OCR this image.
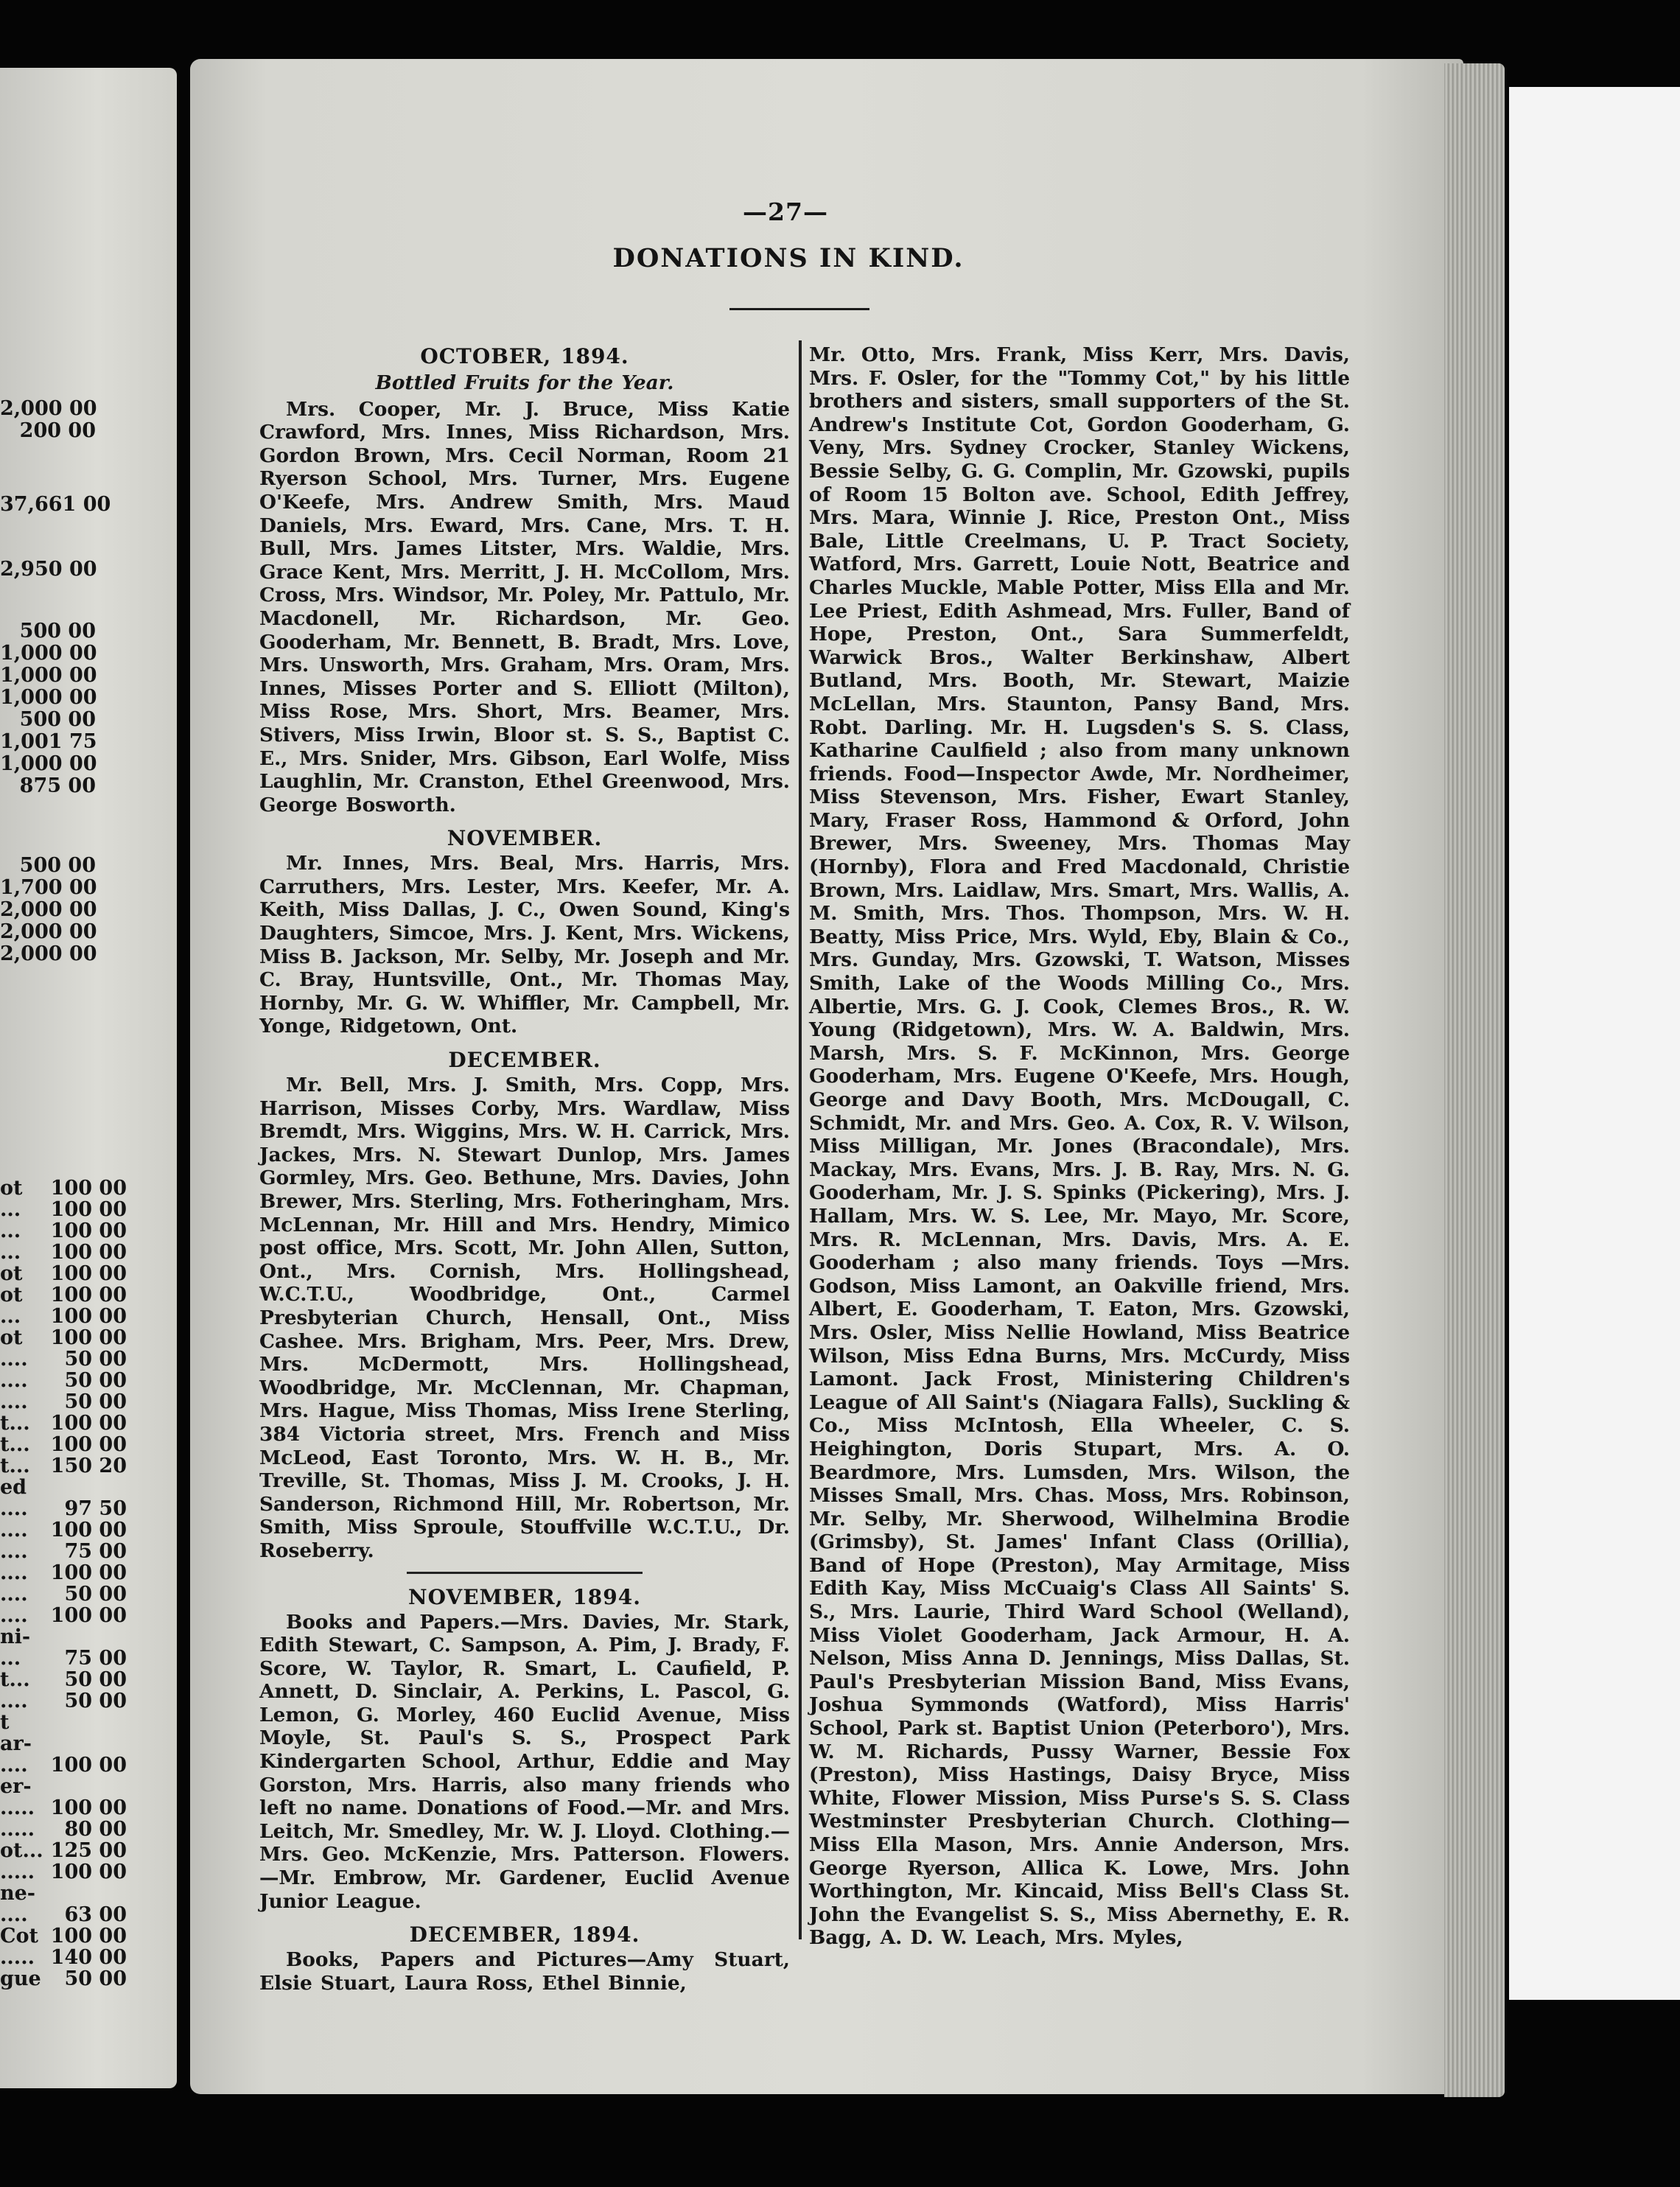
2,000 00
200 00
37,661 00
2,950 00
500 00
1,000 00
1,000 00
1,000 00
500 00
1,001 75
1,000 00
875 00
500 00
1,700 00
2,000 00
2,000 00
2,000 00
ot	100 00
...	100 00
...	100 00
...	100 00
ot	100 00
ot	100 00
...	100 00
ot	100 00
....	50 00
....	50 00
....	50 00
t...	100 00
t...	100 00
t...	150 20
ed
....	97 50
....	100 00
....	75 00
....	100 00
....	50 00
....	100 00
ni-
...	75 00
t...	50 00
....	50 00
t
ar-
....	100 00
er-
..... 100 00
.....	80 00
ot... 125 00
..... 100 00
ne-
....	63 00
Cot 100 00
..... 140 00
gue	50 00
—27—
DONATIONS IN KIND.
OCTOBER, 1894.
Bottled Fruits for the Year.

Mrs. Cooper, Mr. J. Bruce, Miss Katie Crawford, Mrs. Innes, Miss Richardson, Mrs. Gordon Brown, Mrs. Cecil Norman, Room 21 Ryerson School, Mrs. Turner, Mrs. Eugene O'Keefe, Mrs. Andrew Smith, Mrs. Maud Daniels, Mrs. Eward, Mrs. Cane, Mrs. T. H. Bull, Mrs. James Litster, Mrs. Waldie, Mrs. Grace Kent, Mrs. Merritt, J. H. McCollom, Mrs. Cross, Mrs. Windsor, Mr. Poley, Mr. Pattulo, Mr. Macdonell, Mr. Richardson, Mr. Geo. Gooderham, Mr. Bennett, B. Bradt, Mrs. Love, Mrs. Unsworth, Mrs. Graham, Mrs. Oram, Mrs. Innes, Misses Porter and S. Elliott (Milton), Miss Rose, Mrs. Short, Mrs. Beamer, Mrs. Stivers, Miss Irwin, Bloor st. S. S., Baptist C. E., Mrs. Snider, Mrs. Gibson, Earl Wolfe, Miss Laughlin, Mr. Cranston, Ethel Greenwood, Mrs. George Bosworth.

NOVEMBER.

Mr. Innes, Mrs. Beal, Mrs. Harris, Mrs. Carruthers, Mrs. Lester, Mrs. Keefer, Mr. A. Keith, Miss Dallas, J. C., Owen Sound, King's Daughters, Simcoe, Mrs. J. Kent, Mrs. Wickens, Miss B. Jackson, Mr. Selby, Mr. Joseph and Mr. C. Bray, Huntsville, Ont., Mr. Thomas May, Hornby, Mr. G. W. Whiffler, Mr. Campbell, Mr. Yonge, Ridgetown, Ont.

DECEMBER.

Mr. Bell, Mrs. J. Smith, Mrs. Copp, Mrs. Harrison, Misses Corby, Mrs. Wardlaw, Miss Bremdt, Mrs. Wiggins, Mrs. W. H. Carrick, Mrs. Jackes, Mrs. N. Stewart Dunlop, Mrs. James Gormley, Mrs. Geo. Bethune, Mrs. Davies, John Brewer, Mrs. Sterling, Mrs. Fotheringham, Mrs. McLennan, Mr. Hill and Mrs. Hendry, Mimico post office, Mrs. Scott, Mr. John Allen, Sutton, Ont., Mrs. Cornish, Mrs. Hollingshead, W.C.T.U., Woodbridge, Ont., Carmel Presbyterian Church, Hensall, Ont., Miss Cashee. Mrs. Brigham, Mrs. Peer, Mrs. Drew, Mrs. McDermott, Mrs. Hollingshead, Woodbridge, Mr. McClennan, Mr. Chapman, Mrs. Hague, Miss Thomas, Miss Irene Sterling, 384 Victoria street, Mrs. French and Miss McLeod, East Toronto, Mrs. W. H. B., Mr. Treville, St. Thomas, Miss J. M. Crooks, J. H. Sanderson, Richmond Hill, Mr. Robertson, Mr. Smith, Miss Sproule, Stouffville W.C.T.U., Dr. Roseberry.

NOVEMBER, 1894.

Books and Papers.—Mrs. Davies, Mr. Stark, Edith Stewart, C. Sampson, A. Pim, J. Brady, F. Score, W. Taylor, R. Smart, L. Caufield, P. Annett, D. Sinclair, A. Perkins, L. Pascol, G. Lemon, G. Morley, 460 Euclid Avenue, Miss Moyle, St. Paul's S. S., Prospect Park Kindergarten School, Arthur, Eddie and May Gorston, Mrs. Harris, also many friends who left no name. Donations of Food.—Mr. and Mrs. Leitch, Mr. Smedley, Mr. W. J. Lloyd. Clothing.—Mrs. Geo. McKenzie, Mrs. Patterson. Flowers. —Mr. Embrow, Mr. Gardener, Euclid Avenue Junior League.

DECEMBER, 1894.

Books, Papers and Pictures—Amy Stuart, Elsie Stuart, Laura Ross, Ethel Binnie,

Mr. Otto, Mrs. Frank, Miss Kerr, Mrs. Davis, Mrs. F. Osler, for the "Tommy Cot," by his little brothers and sisters, small supporters of the St. Andrew's Institute Cot, Gordon Gooderham, G. Veny, Mrs. Sydney Crocker, Stanley Wickens, Bessie Selby, G. G. Complin, Mr. Gzowski, pupils of Room 15 Bolton ave. School, Edith Jeffrey, Mrs. Mara, Winnie J. Rice, Preston Ont., Miss Bale, Little Creelmans, U. P. Tract Society, Watford, Mrs. Garrett, Louie Nott, Beatrice and Charles Muckle, Mable Potter, Miss Ella and Mr. Lee Priest, Edith Ashmead, Mrs. Fuller, Band of Hope, Preston, Ont., Sara Summerfeldt, Warwick Bros., Walter Berkinshaw, Albert Butland, Mrs. Booth, Mr. Stewart, Maizie McLellan, Mrs. Staunton, Pansy Band, Mrs. Robt. Darling. Mr. H. Lugsden's S. S. Class, Katharine Caulfield ; also from many unknown friends. Food—Inspector Awde, Mr. Nordheimer, Miss Stevenson, Mrs. Fisher, Ewart Stanley, Mary, Fraser Ross, Hammond & Orford, John Brewer, Mrs. Sweeney, Mrs. Thomas May (Hornby), Flora and Fred Macdonald, Christie Brown, Mrs. Laidlaw, Mrs. Smart, Mrs. Wallis, A. M. Smith, Mrs. Thos. Thompson, Mrs. W. H. Beatty, Miss Price, Mrs. Wyld, Eby, Blain & Co., Mrs. Gunday, Mrs. Gzowski, T. Watson, Misses Smith, Lake of the Woods Milling Co., Mrs. Albertie, Mrs. G. J. Cook, Clemes Bros., R. W. Young (Ridgetown), Mrs. W. A. Baldwin, Mrs. Marsh, Mrs. S. F. McKinnon, Mrs. George Gooderham, Mrs. Eugene O'Keefe, Mrs. Hough, George and Davy Booth, Mrs. McDougall, C. Schmidt, Mr. and Mrs. Geo. A. Cox, R. V. Wilson, Miss Milligan, Mr. Jones (Bracondale), Mrs. Mackay, Mrs. Evans, Mrs. J. B. Ray, Mrs. N. G. Gooderham, Mr. J. S. Spinks (Pickering), Mrs. J. Hallam, Mrs. W. S. Lee, Mr. Mayo, Mr. Score, Mrs. R. McLennan, Mrs. Davis, Mrs. A. E. Gooderham ; also many friends. Toys —Mrs. Godson, Miss Lamont, an Oakville friend, Mrs. Albert, E. Gooderham, T. Eaton, Mrs. Gzowski, Mrs. Osler, Miss Nellie Howland, Miss Beatrice Wilson, Miss Edna Burns, Mrs. McCurdy, Miss Lamont. Jack Frost, Ministering Children's League of All Saint's (Niagara Falls), Suckling & Co., Miss McIntosh, Ella Wheeler, C. S. Heighington, Doris Stupart, Mrs. A. O. Beardmore, Mrs. Lumsden, Mrs. Wilson, the Misses Small, Mrs. Chas. Moss, Mrs. Robinson, Mr. Selby, Mr. Sherwood, Wilhelmina Brodie (Grimsby), St. James' Infant Class (Orillia), Band of Hope (Preston), May Armitage, Miss Edith Kay, Miss McCuaig's Class All Saints' S. S., Mrs. Laurie, Third Ward School (Welland), Miss Violet Gooderham, Jack Armour, H. A. Nelson, Miss Anna D. Jennings, Miss Dallas, St. Paul's Presbyterian Mission Band, Miss Evans, Joshua Symmonds (Watford), Miss Harris' School, Park st. Baptist Union (Peterboro'), Mrs. W. M. Richards, Pussy Warner, Bessie Fox (Preston), Miss Hastings, Daisy Bryce, Miss White, Flower Mission, Miss Purse's S. S. Class Westminster Presbyterian Church. Clothing—Miss Ella Mason, Mrs. Annie Anderson, Mrs. George Ryerson, Allica K. Lowe, Mrs. John Worthington, Mr. Kincaid, Miss Bell's Class St. John the Evangelist S. S., Miss Abernethy, E. R. Bagg, A. D. W. Leach, Mrs. Myles,
